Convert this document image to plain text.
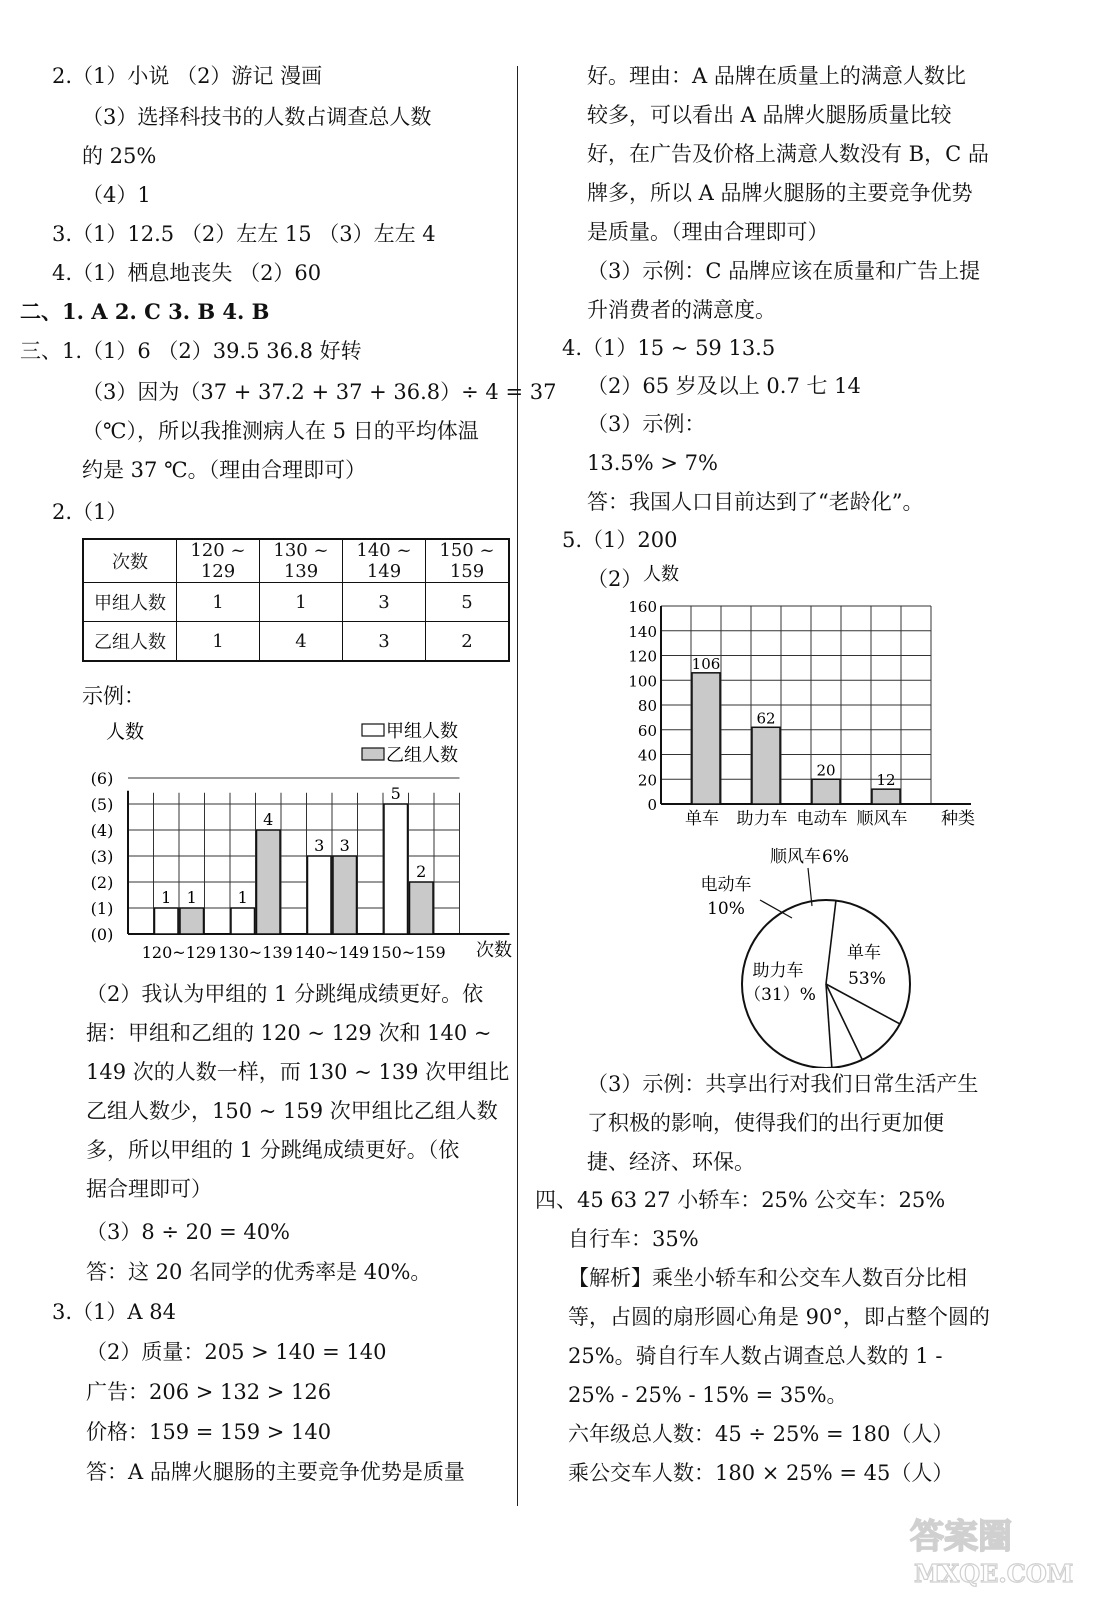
2.（1）小说 （2）游记 漫画
（3）选择科技书的人数占调查总人数
的 25%
（4）1
3.（1）12.5 （2）左左 15 （3）左左 4
4.（1）栖息地丧失 （2）60
二、1. A 2. C 3. B 4. B
三、1.（1）6 （2）39.5 36.8 好转
（3）因为（37 + 37.2 + 37 + 36.8）÷ 4 = 37
（℃），所以我推测病人在 5 日的平均体温
约是 37 ℃。（理由合理即可）
2.（1）
次数	120 ~ 129	130 ~ 139	140 ~ 149	150 ~ 159
甲组人数	1	1	3	5
乙组人数	1	4	3	2
示例：
(0)
(1)
(2)
(3)
(4)
(5)
(6)
人数
次数
1 1
120~129
1
4
130~139
3 3
140~149
5
2
150~159
甲组人数
乙组人数
（2）我认为甲组的 1 分跳绳成绩更好。依
据：甲组和乙组的 120 ~ 129 次和 140 ~
149 次的人数一样，而 130 ~ 139 次甲组比
乙组人数少，150 ~ 159 次甲组比乙组人数
多，所以甲组的 1 分跳绳成绩更好。（依
据合理即可）
（3）8 ÷ 20 = 40%
答：这 20 名同学的优秀率是 40%。
3.（1）A 84
（2）质量：205 > 140 = 140
广告：206 > 132 > 126
价格：159 = 159 > 140
答：A 品牌火腿肠的主要竞争优势是质量
好。理由：A 品牌在质量上的满意人数比
较多，可以看出 A 品牌火腿肠质量比较
好，在广告及价格上满意人数没有 B，C 品
牌多，所以 A 品牌火腿肠的主要竞争优势
是质量。（理由合理即可）
（3）示例：C 品牌应该在质量和广告上提
升消费者的满意度。
4.（1）15 ~ 59 13.5
（2）65 岁及以上 0.7 七 14
（3）示例：
13.5% > 7%
答：我国人口目前达到了“老龄化”。
5.（1）200
（2）
0
20
40
60
80
100
120
140
160
人数
种类
106
单车
62
助力车
20
电动车
12
顺风车
单车
53%
助力车
（31）%
电动车
10%
顺风车 6%
（3）示例：共享出行对我们日常生活产生
了积极的影响，使得我们的出行更加便
捷、经济、环保。
四、45 63 27 小轿车：25% 公交车：25%
自行车：35%
【解析】乘坐小轿车和公交车人数百分比相
等，占圆的扇形圆心角是 90°，即占整个圆的
25%。骑自行车人数占调查总人数的 1 -
25% - 25% - 15% = 35%。
六年级总人数：45 ÷ 25% = 180（人）
乘公交车人数：180 × 25% = 45（人）
答案圈
MXQE.COM
